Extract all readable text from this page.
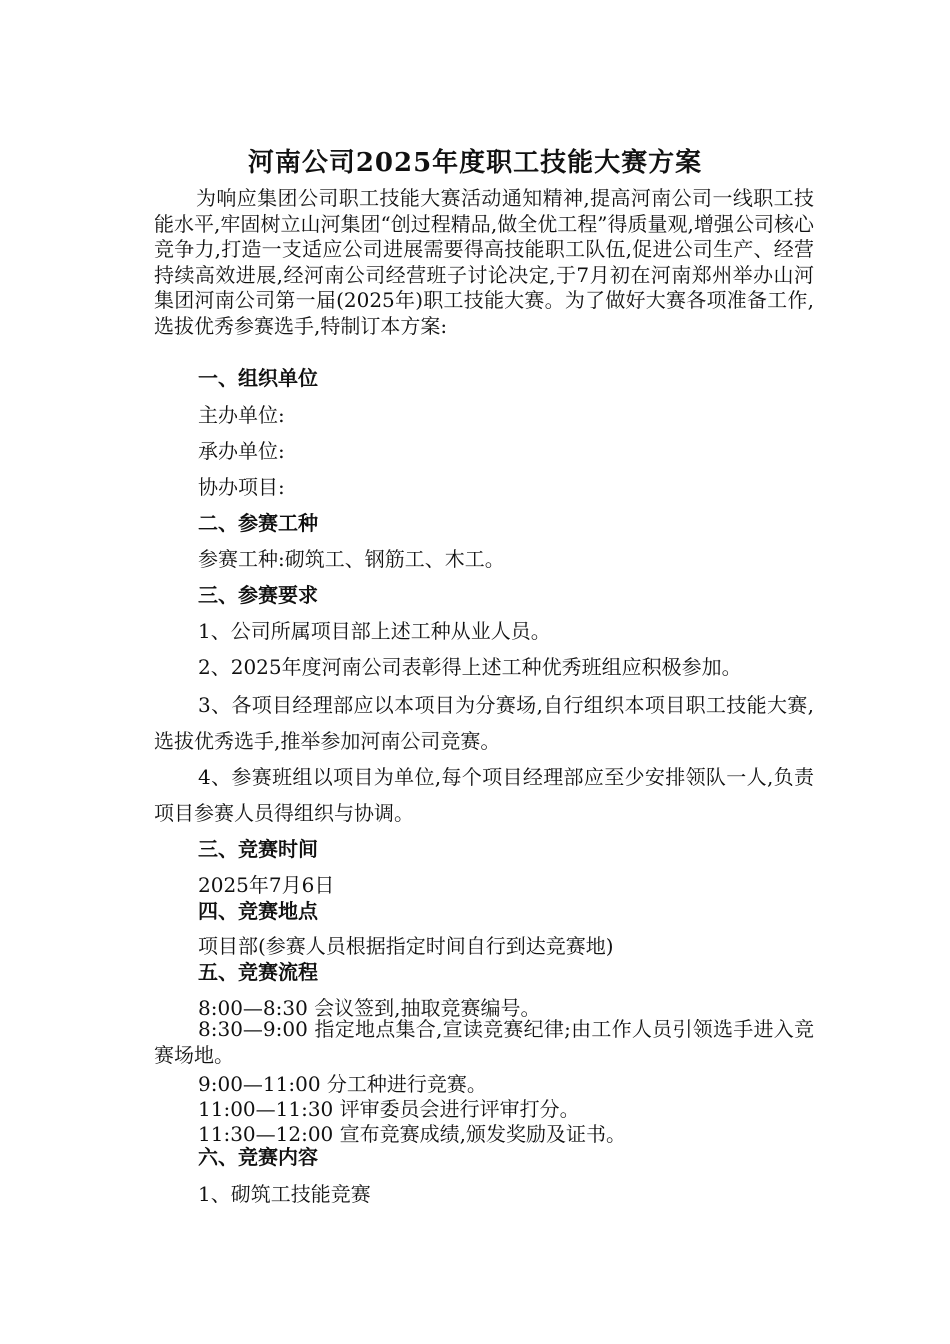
河南公司2025年度职工技能大赛方案

为响应集团公司职工技能大赛活动通知精神,提高河南公司一线职工技能水平,牢固树立山河集团“创过程精品,做全优工程”得质量观,增强公司核心竞争力,打造一支适应公司进展需要得高技能职工队伍,促进公司生产、经营持续高效进展,经河南公司经营班子讨论决定,于7月初在河南郑州举办山河集团河南公司第一届(2025年)职工技能大赛。为了做好大赛各项准备工作,选拔优秀参赛选手,特制订本方案:

一、组织单位

主办单位:

承办单位:

协办项目:

二、参赛工种

参赛工种:砌筑工、钢筋工、木工。

三、参赛要求

1、公司所属项目部上述工种从业人员。

2、2025年度河南公司表彰得上述工种优秀班组应积极参加。

3、各项目经理部应以本项目为分赛场,自行组织本项目职工技能大赛,选拔优秀选手,推举参加河南公司竞赛。

4、参赛班组以项目为单位,每个项目经理部应至少安排领队一人,负责项目参赛人员得组织与协调。

三、竞赛时间

2025年7月6日

四、竞赛地点

项目部(参赛人员根据指定时间自行到达竞赛地)

五、竞赛流程

8:00—8:30 会议签到,抽取竞赛编号。

8:30—9:00 指定地点集合,宣读竞赛纪律;由工作人员引领选手进入竞赛场地。

9:00—11:00 分工种进行竞赛。

11:00—11:30 评审委员会进行评审打分。

11:30—12:00 宣布竞赛成绩,颁发奖励及证书。

六、竞赛内容

1、砌筑工技能竞赛
